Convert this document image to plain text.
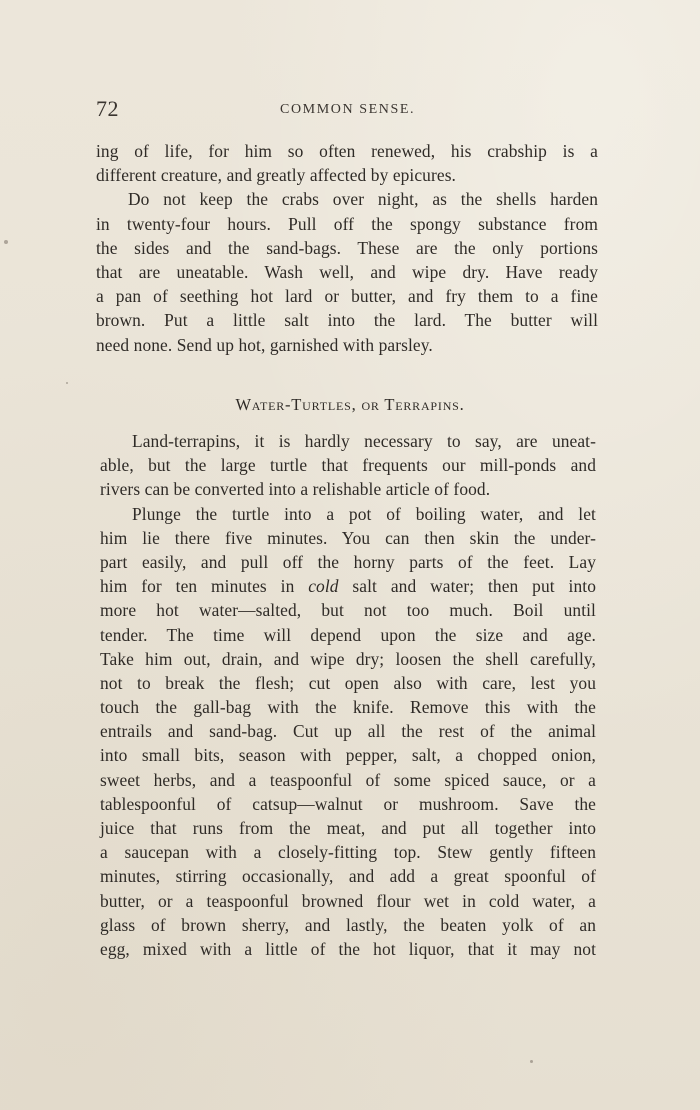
72	COMMON SENSE.
ing of life, for him so often renewed, his crabship is a
different creature, and greatly affected by epicures.
Do not keep the crabs over night, as the shells harden
in twenty-four hours. Pull off the spongy substance from
the sides and the sand-bags. These are the only portions
that are uneatable. Wash well, and wipe dry. Have ready
a pan of seething hot lard or butter, and fry them to a fine
brown. Put a little salt into the lard. The butter will
need none. Send up hot, garnished with parsley.
Water-Turtles, or Terrapins.
Land-terrapins, it is hardly necessary to say, are uneat-
able, but the large turtle that frequents our mill-ponds and
rivers can be converted into a relishable article of food.
Plunge the turtle into a pot of boiling water, and let
him lie there five minutes. You can then skin the under-
part easily, and pull off the horny parts of the feet. Lay
him for ten minutes in cold salt and water; then put into
more hot water—salted, but not too much. Boil until
tender. The time will depend upon the size and age.
Take him out, drain, and wipe dry; loosen the shell carefully,
not to break the flesh; cut open also with care, lest you
touch the gall-bag with the knife. Remove this with the
entrails and sand-bag. Cut up all the rest of the animal
into small bits, season with pepper, salt, a chopped onion,
sweet herbs, and a teaspoonful of some spiced sauce, or a
tablespoonful of catsup—walnut or mushroom. Save the
juice that runs from the meat, and put all together into
a saucepan with a closely-fitting top. Stew gently fifteen
minutes, stirring occasionally, and add a great spoonful of
butter, or a teaspoonful browned flour wet in cold water, a
glass of brown sherry, and lastly, the beaten yolk of an
egg, mixed with a little of the hot liquor, that it may not
